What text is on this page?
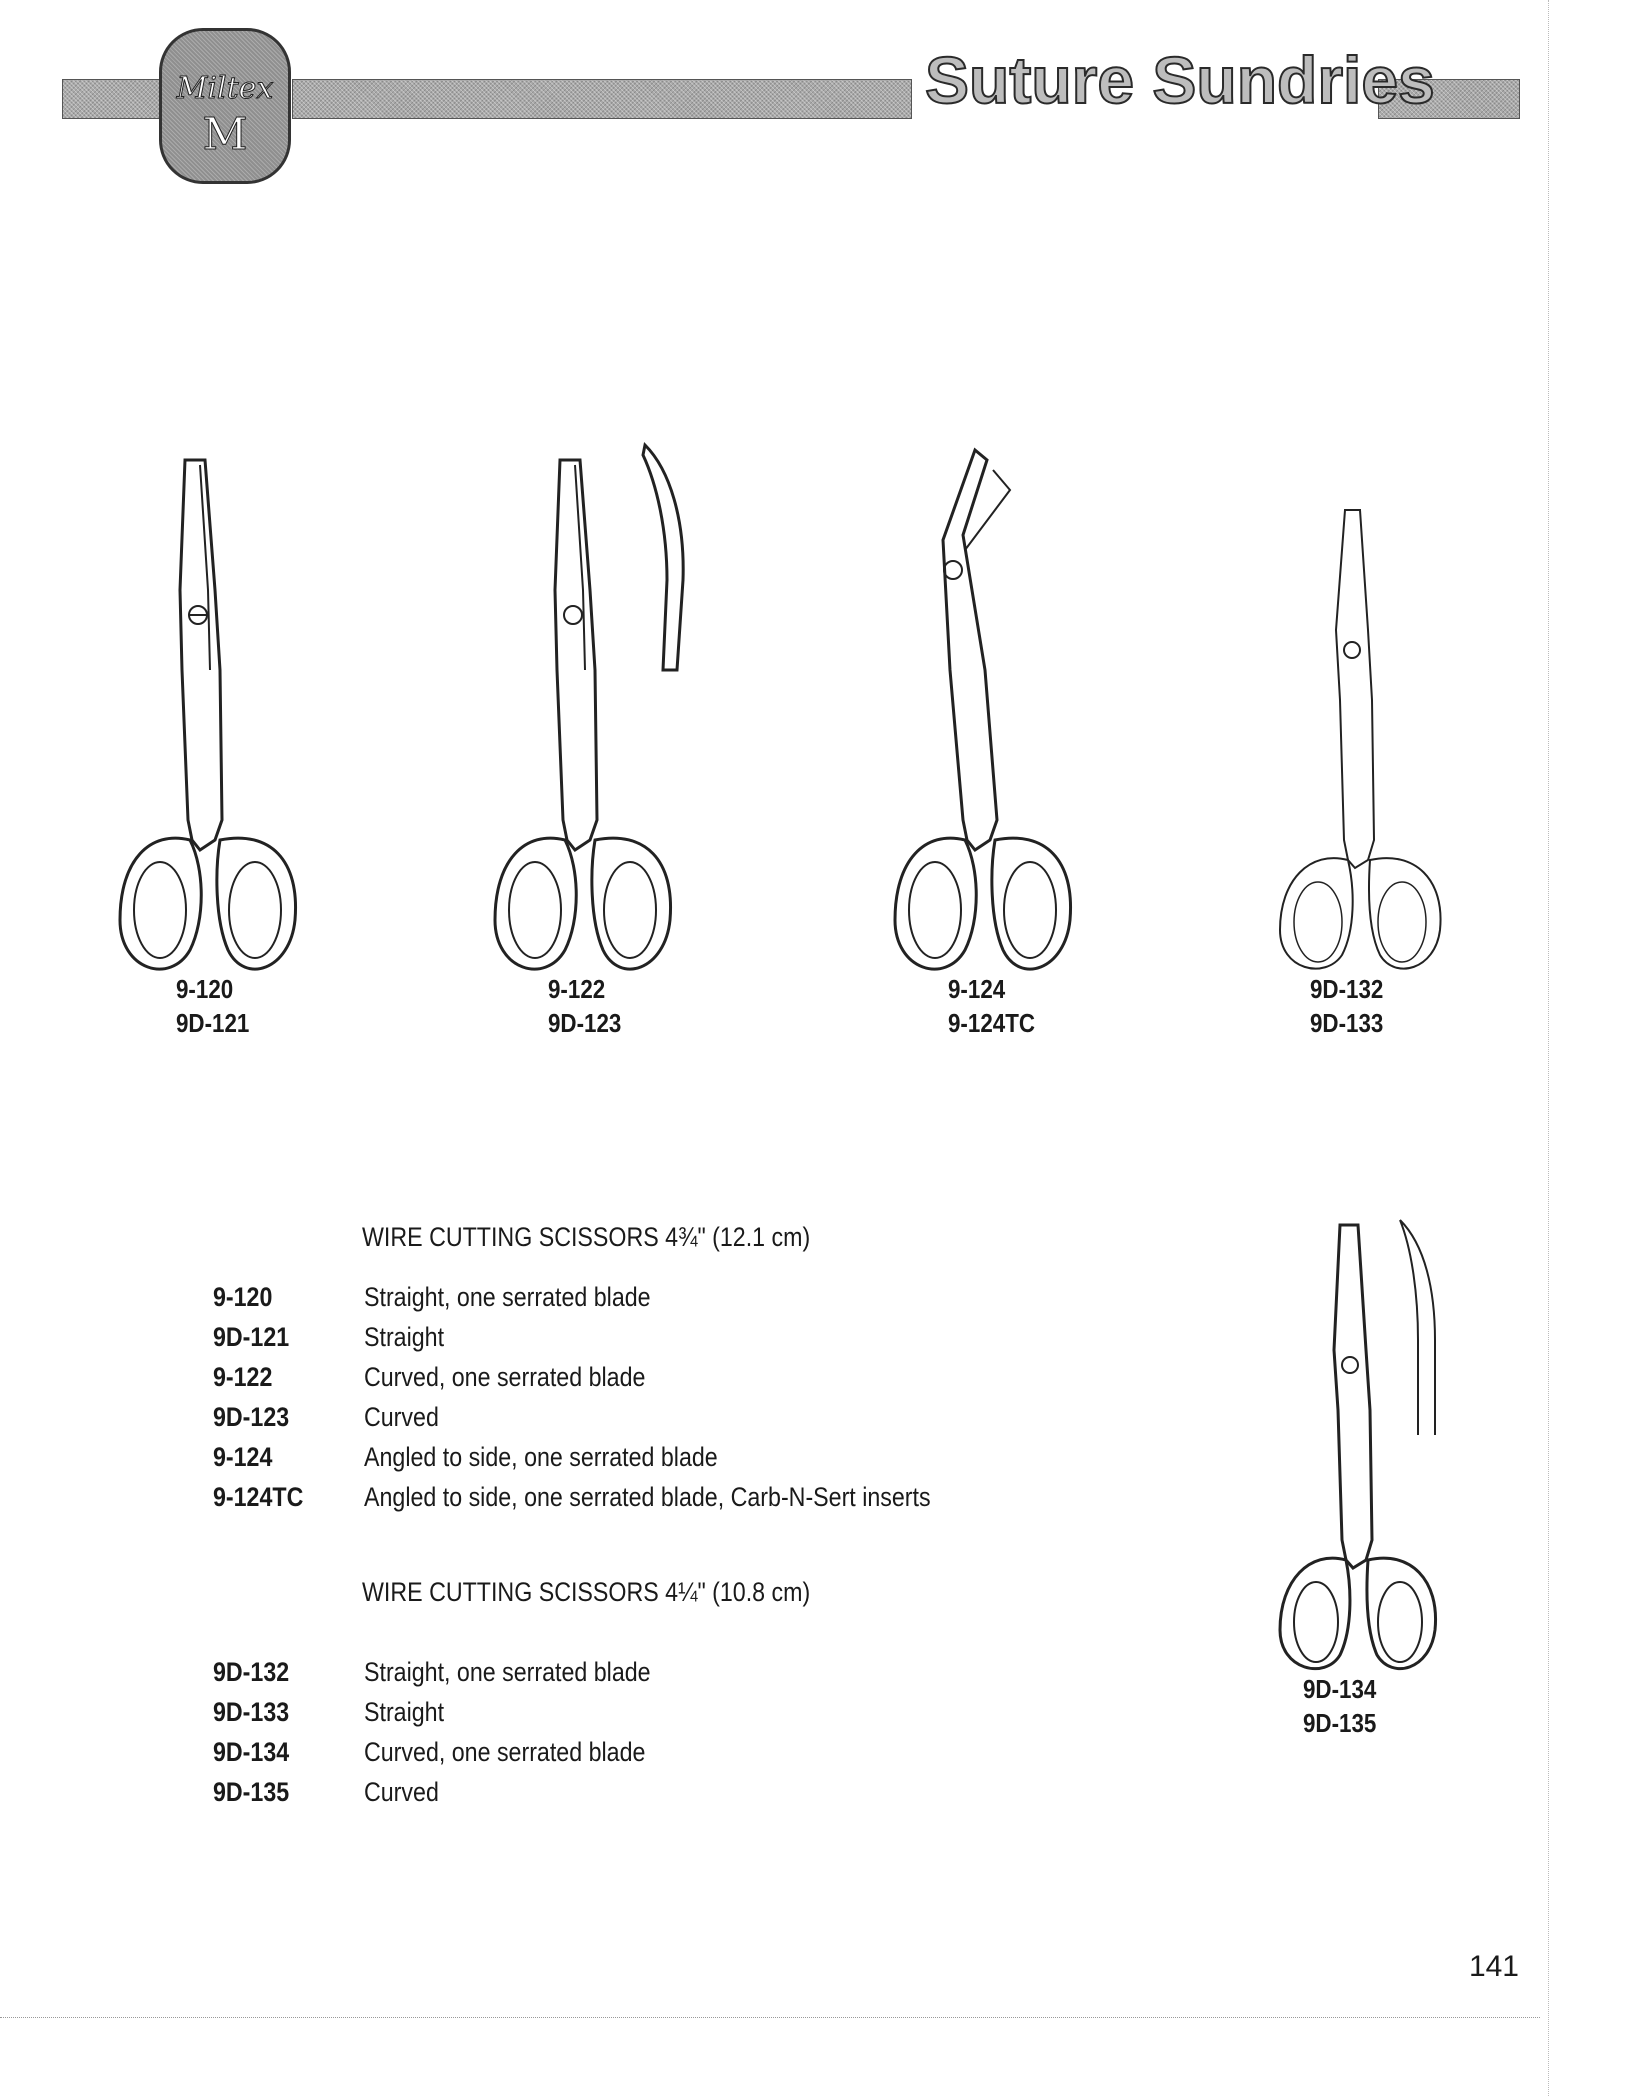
Miltex
M
Suture Sundries
9-120
9D-121
9-122
9D-123
9-124
9-124TC
9D-132
9D-133
9D-134
9D-135
WIRE CUTTING SCISSORS 4¾" (12.1 cm)
9-120	Straight, one serrated blade
9D-121	Straight
9-122	Curved, one serrated blade
9D-123	Curved
9-124	Angled to side, one serrated blade
9-124TC Angled to side, one serrated blade, Carb-N-Sert inserts
WIRE CUTTING SCISSORS 4¼" (10.8 cm)
9D-132	Straight, one serrated blade
9D-133	Straight
9D-134	Curved, one serrated blade
9D-135	Curved
141
